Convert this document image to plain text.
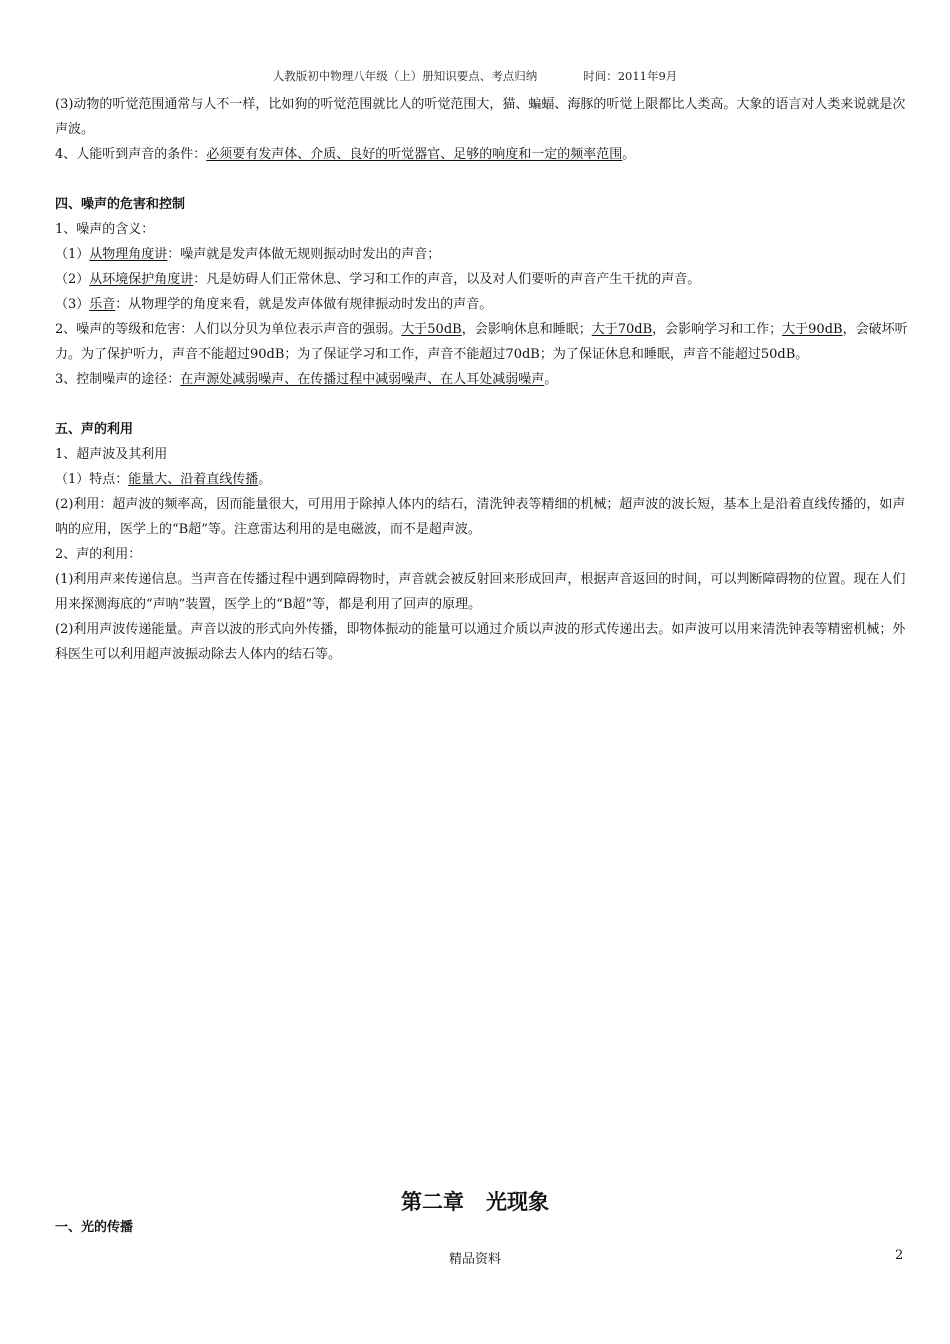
人教版初中物理八年级（上）册知识要点、考点归纳	时间：2011年9月
(3)动物的听觉范围通常与人不一样，比如狗的听觉范围就比人的听觉范围大，猫、蝙蝠、海豚的听觉上限都比人类高。大象的语言对人类来说就是次声波。
4、人能听到声音的条件：必须要有发声体、介质、良好的听觉器官、足够的响度和一定的频率范围。
四、噪声的危害和控制
1、噪声的含义：
（1）从物理角度讲：噪声就是发声体做无规则振动时发出的声音；
（2）从环境保护角度讲：凡是妨碍人们正常休息、学习和工作的声音，以及对人们要听的声音产生干扰的声音。
（3）乐音：从物理学的角度来看，就是发声体做有规律振动时发出的声音。
2、噪声的等级和危害：人们以分贝为单位表示声音的强弱。大于50dB，会影响休息和睡眠；大于70dB，会影响学习和工作；大于90dB，会破坏听力。为了保护听力，声音不能超过90dB；为了保证学习和工作，声音不能超过70dB；为了保证休息和睡眠，声音不能超过50dB。
3、控制噪声的途径：在声源处减弱噪声、在传播过程中减弱噪声、在人耳处减弱噪声。
五、声的利用
1、超声波及其利用
（1）特点：能量大、沿着直线传播。
(2)利用：超声波的频率高，因而能量很大，可用用于除掉人体内的结石，清洗钟表等精细的机械；超声波的波长短，基本上是沿着直线传播的，如声呐的应用，医学上的“B超”等。注意雷达利用的是电磁波，而不是超声波。
2、声的利用：
(1)利用声来传递信息。当声音在传播过程中遇到障碍物时，声音就会被反射回来形成回声，根据声音返回的时间，可以判断障碍物的位置。现在人们用来探测海底的“声呐”装置，医学上的“B超”等，都是利用了回声的原理。
(2)利用声波传递能量。声音以波的形式向外传播，即物体振动的能量可以通过介质以声波的形式传递出去。如声波可以用来清洗钟表等精密机械；外科医生可以利用超声波振动除去人体内的结石等。
第二章 光现象
一、光的传播
精品资料	2
